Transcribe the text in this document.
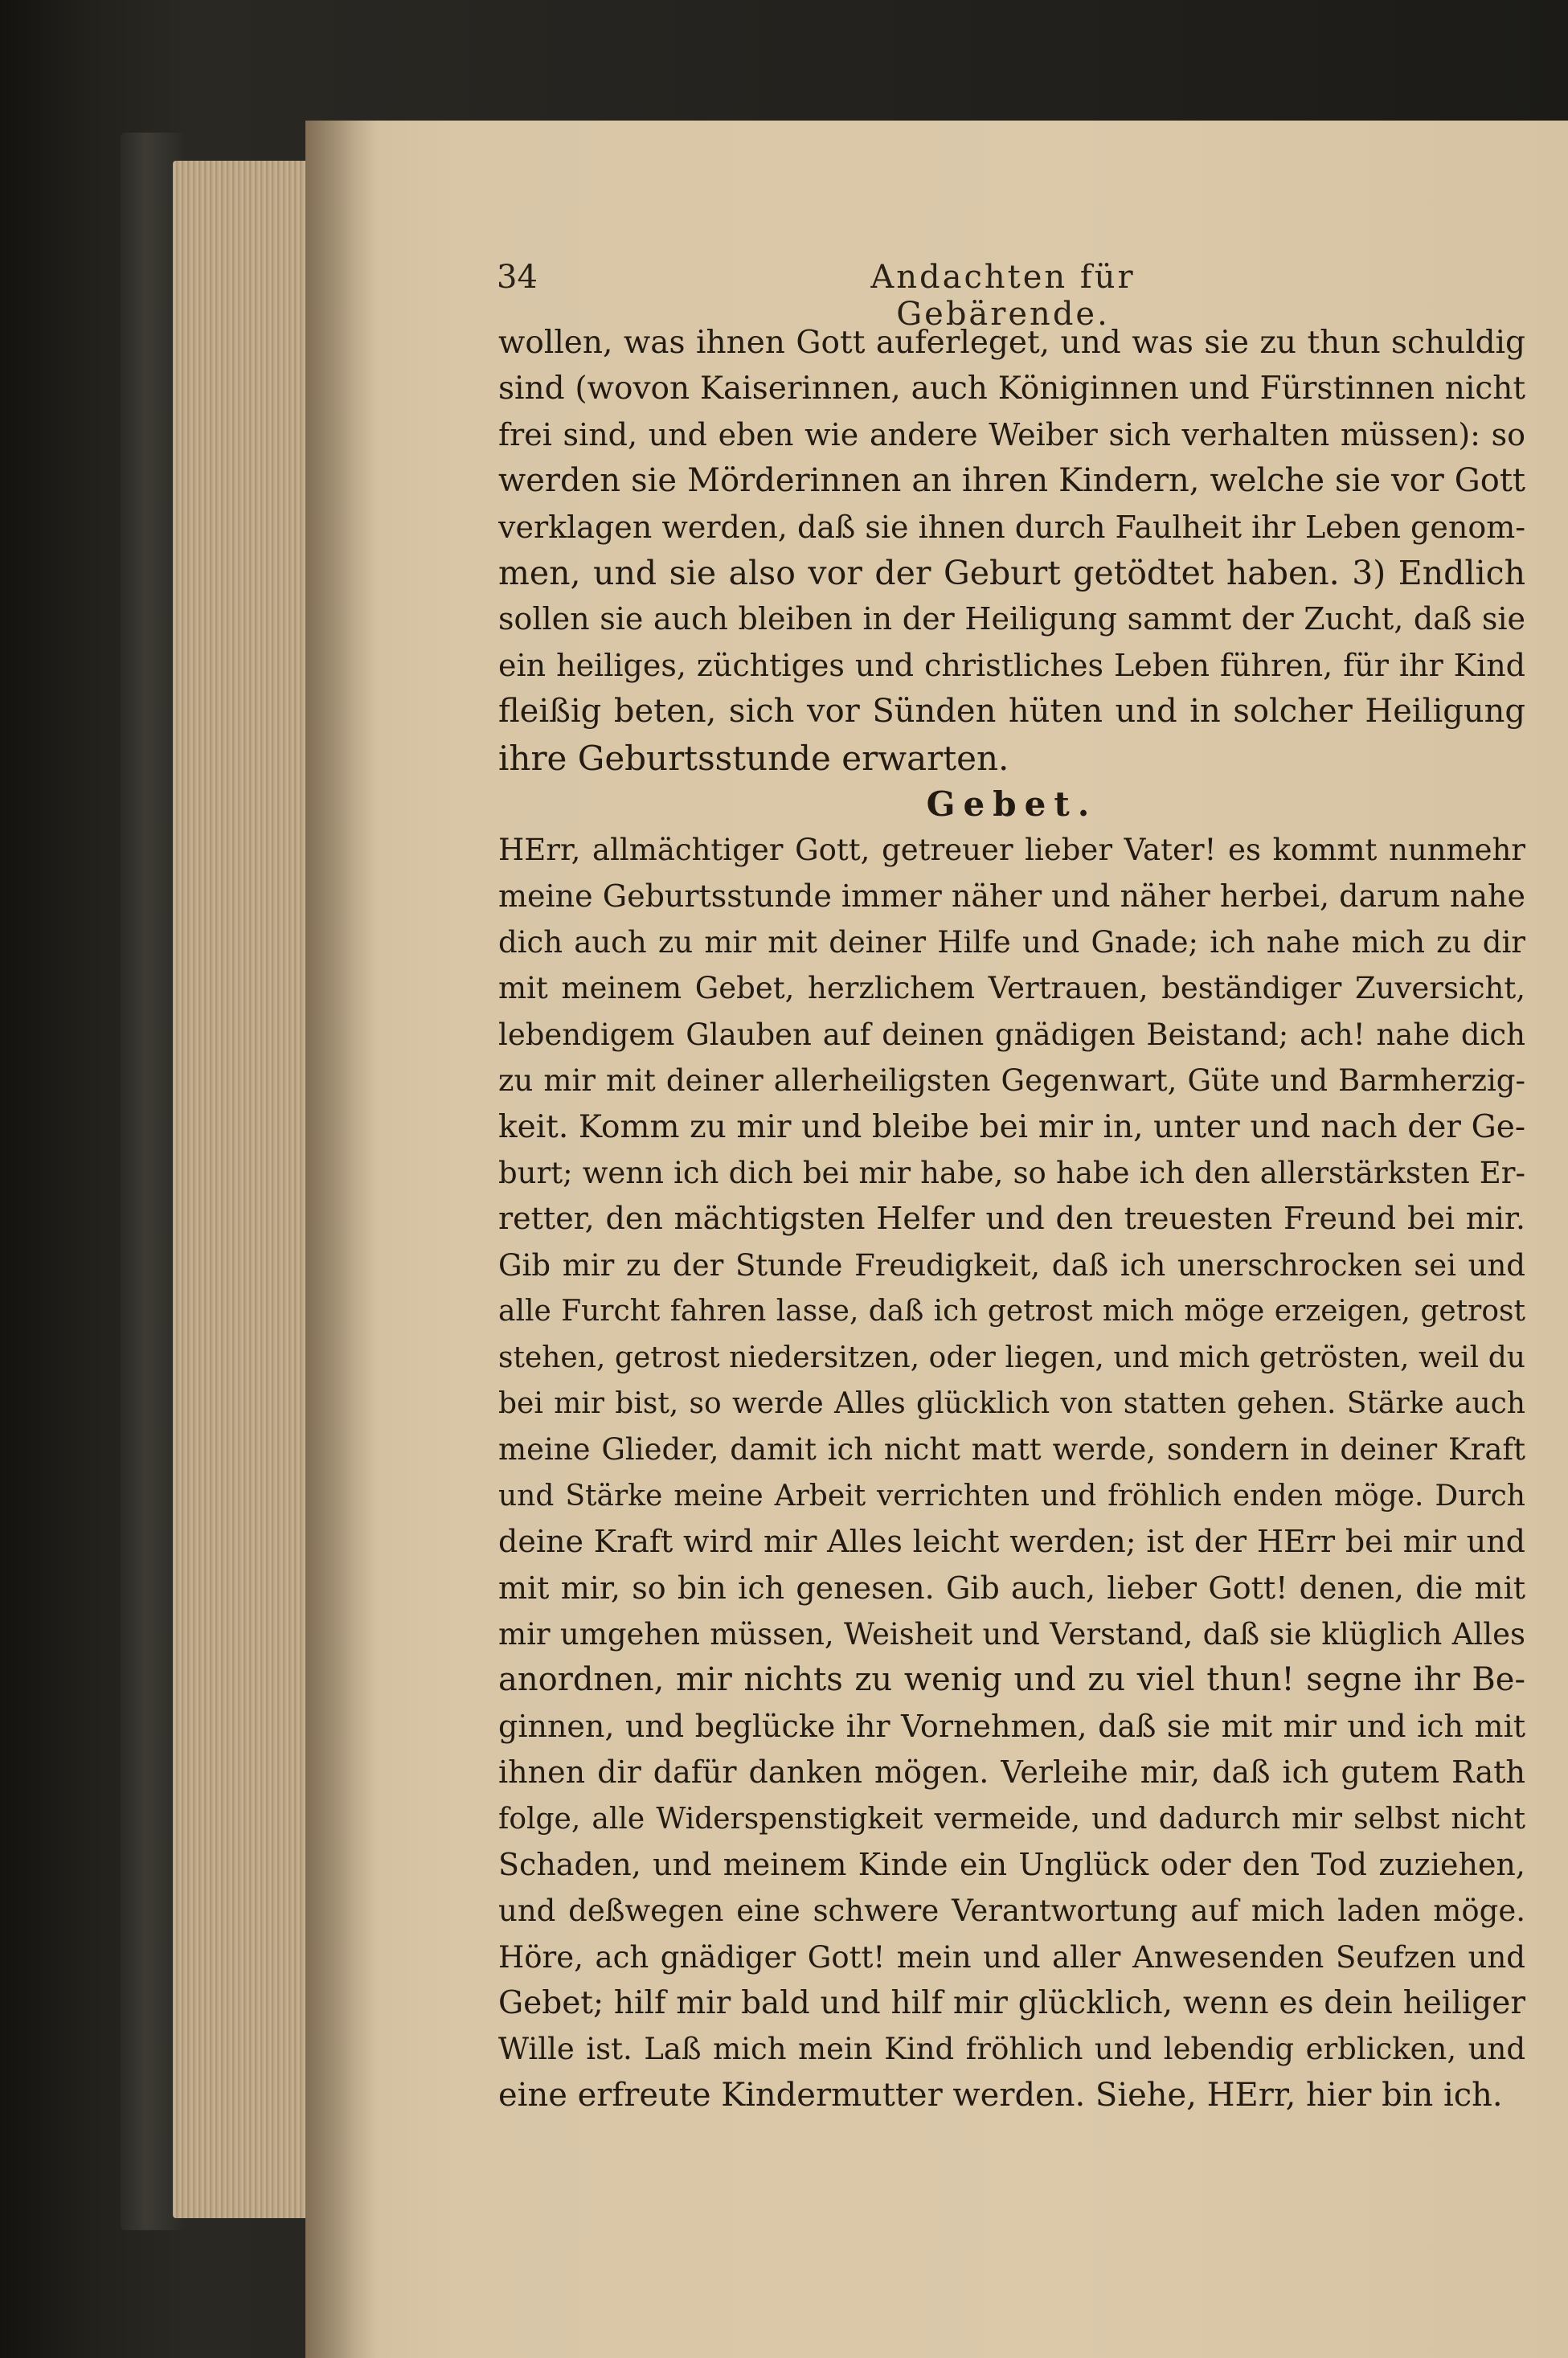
34	Andachten für Gebärende.
wollen, was ihnen Gott auferleget, und was sie zu thun schuldig
sind (wovon Kaiserinnen, auch Königinnen und Fürstinnen nicht
frei sind, und eben wie andere Weiber sich verhalten müssen): so
werden sie Mörderinnen an ihren Kindern, welche sie vor Gott
verklagen werden, daß sie ihnen durch Faulheit ihr Leben genom-
men, und sie also vor der Geburt getödtet haben. 3) Endlich
sollen sie auch bleiben in der Heiligung sammt der Zucht, daß sie
ein heiliges, züchtiges und christliches Leben führen, für ihr Kind
fleißig beten, sich vor Sünden hüten und in solcher Heiligung
ihre Geburtsstunde erwarten.
Gebet.
HErr, allmächtiger Gott, getreuer lieber Vater! es kommt nunmehr
meine Geburtsstunde immer näher und näher herbei, darum nahe
dich auch zu mir mit deiner Hilfe und Gnade; ich nahe mich zu dir
mit meinem Gebet, herzlichem Vertrauen, beständiger Zuversicht,
lebendigem Glauben auf deinen gnädigen Beistand; ach! nahe dich
zu mir mit deiner allerheiligsten Gegenwart, Güte und Barmherzig-
keit. Komm zu mir und bleibe bei mir in, unter und nach der Ge-
burt; wenn ich dich bei mir habe, so habe ich den allerstärksten Er-
retter, den mächtigsten Helfer und den treuesten Freund bei mir.
Gib mir zu der Stunde Freudigkeit, daß ich unerschrocken sei und
alle Furcht fahren lasse, daß ich getrost mich möge erzeigen, getrost
stehen, getrost niedersitzen, oder liegen, und mich getrösten, weil du
bei mir bist, so werde Alles glücklich von statten gehen. Stärke auch
meine Glieder, damit ich nicht matt werde, sondern in deiner Kraft
und Stärke meine Arbeit verrichten und fröhlich enden möge. Durch
deine Kraft wird mir Alles leicht werden; ist der HErr bei mir und
mit mir, so bin ich genesen. Gib auch, lieber Gott! denen, die mit
mir umgehen müssen, Weisheit und Verstand, daß sie klüglich Alles
anordnen, mir nichts zu wenig und zu viel thun! segne ihr Be-
ginnen, und beglücke ihr Vornehmen, daß sie mit mir und ich mit
ihnen dir dafür danken mögen. Verleihe mir, daß ich gutem Rath
folge, alle Widerspenstigkeit vermeide, und dadurch mir selbst nicht
Schaden, und meinem Kinde ein Unglück oder den Tod zuziehen,
und deßwegen eine schwere Verantwortung auf mich laden möge.
Höre, ach gnädiger Gott! mein und aller Anwesenden Seufzen und
Gebet; hilf mir bald und hilf mir glücklich, wenn es dein heiliger
Wille ist. Laß mich mein Kind fröhlich und lebendig erblicken, und
eine erfreute Kindermutter werden. Siehe, HErr, hier bin ich.
